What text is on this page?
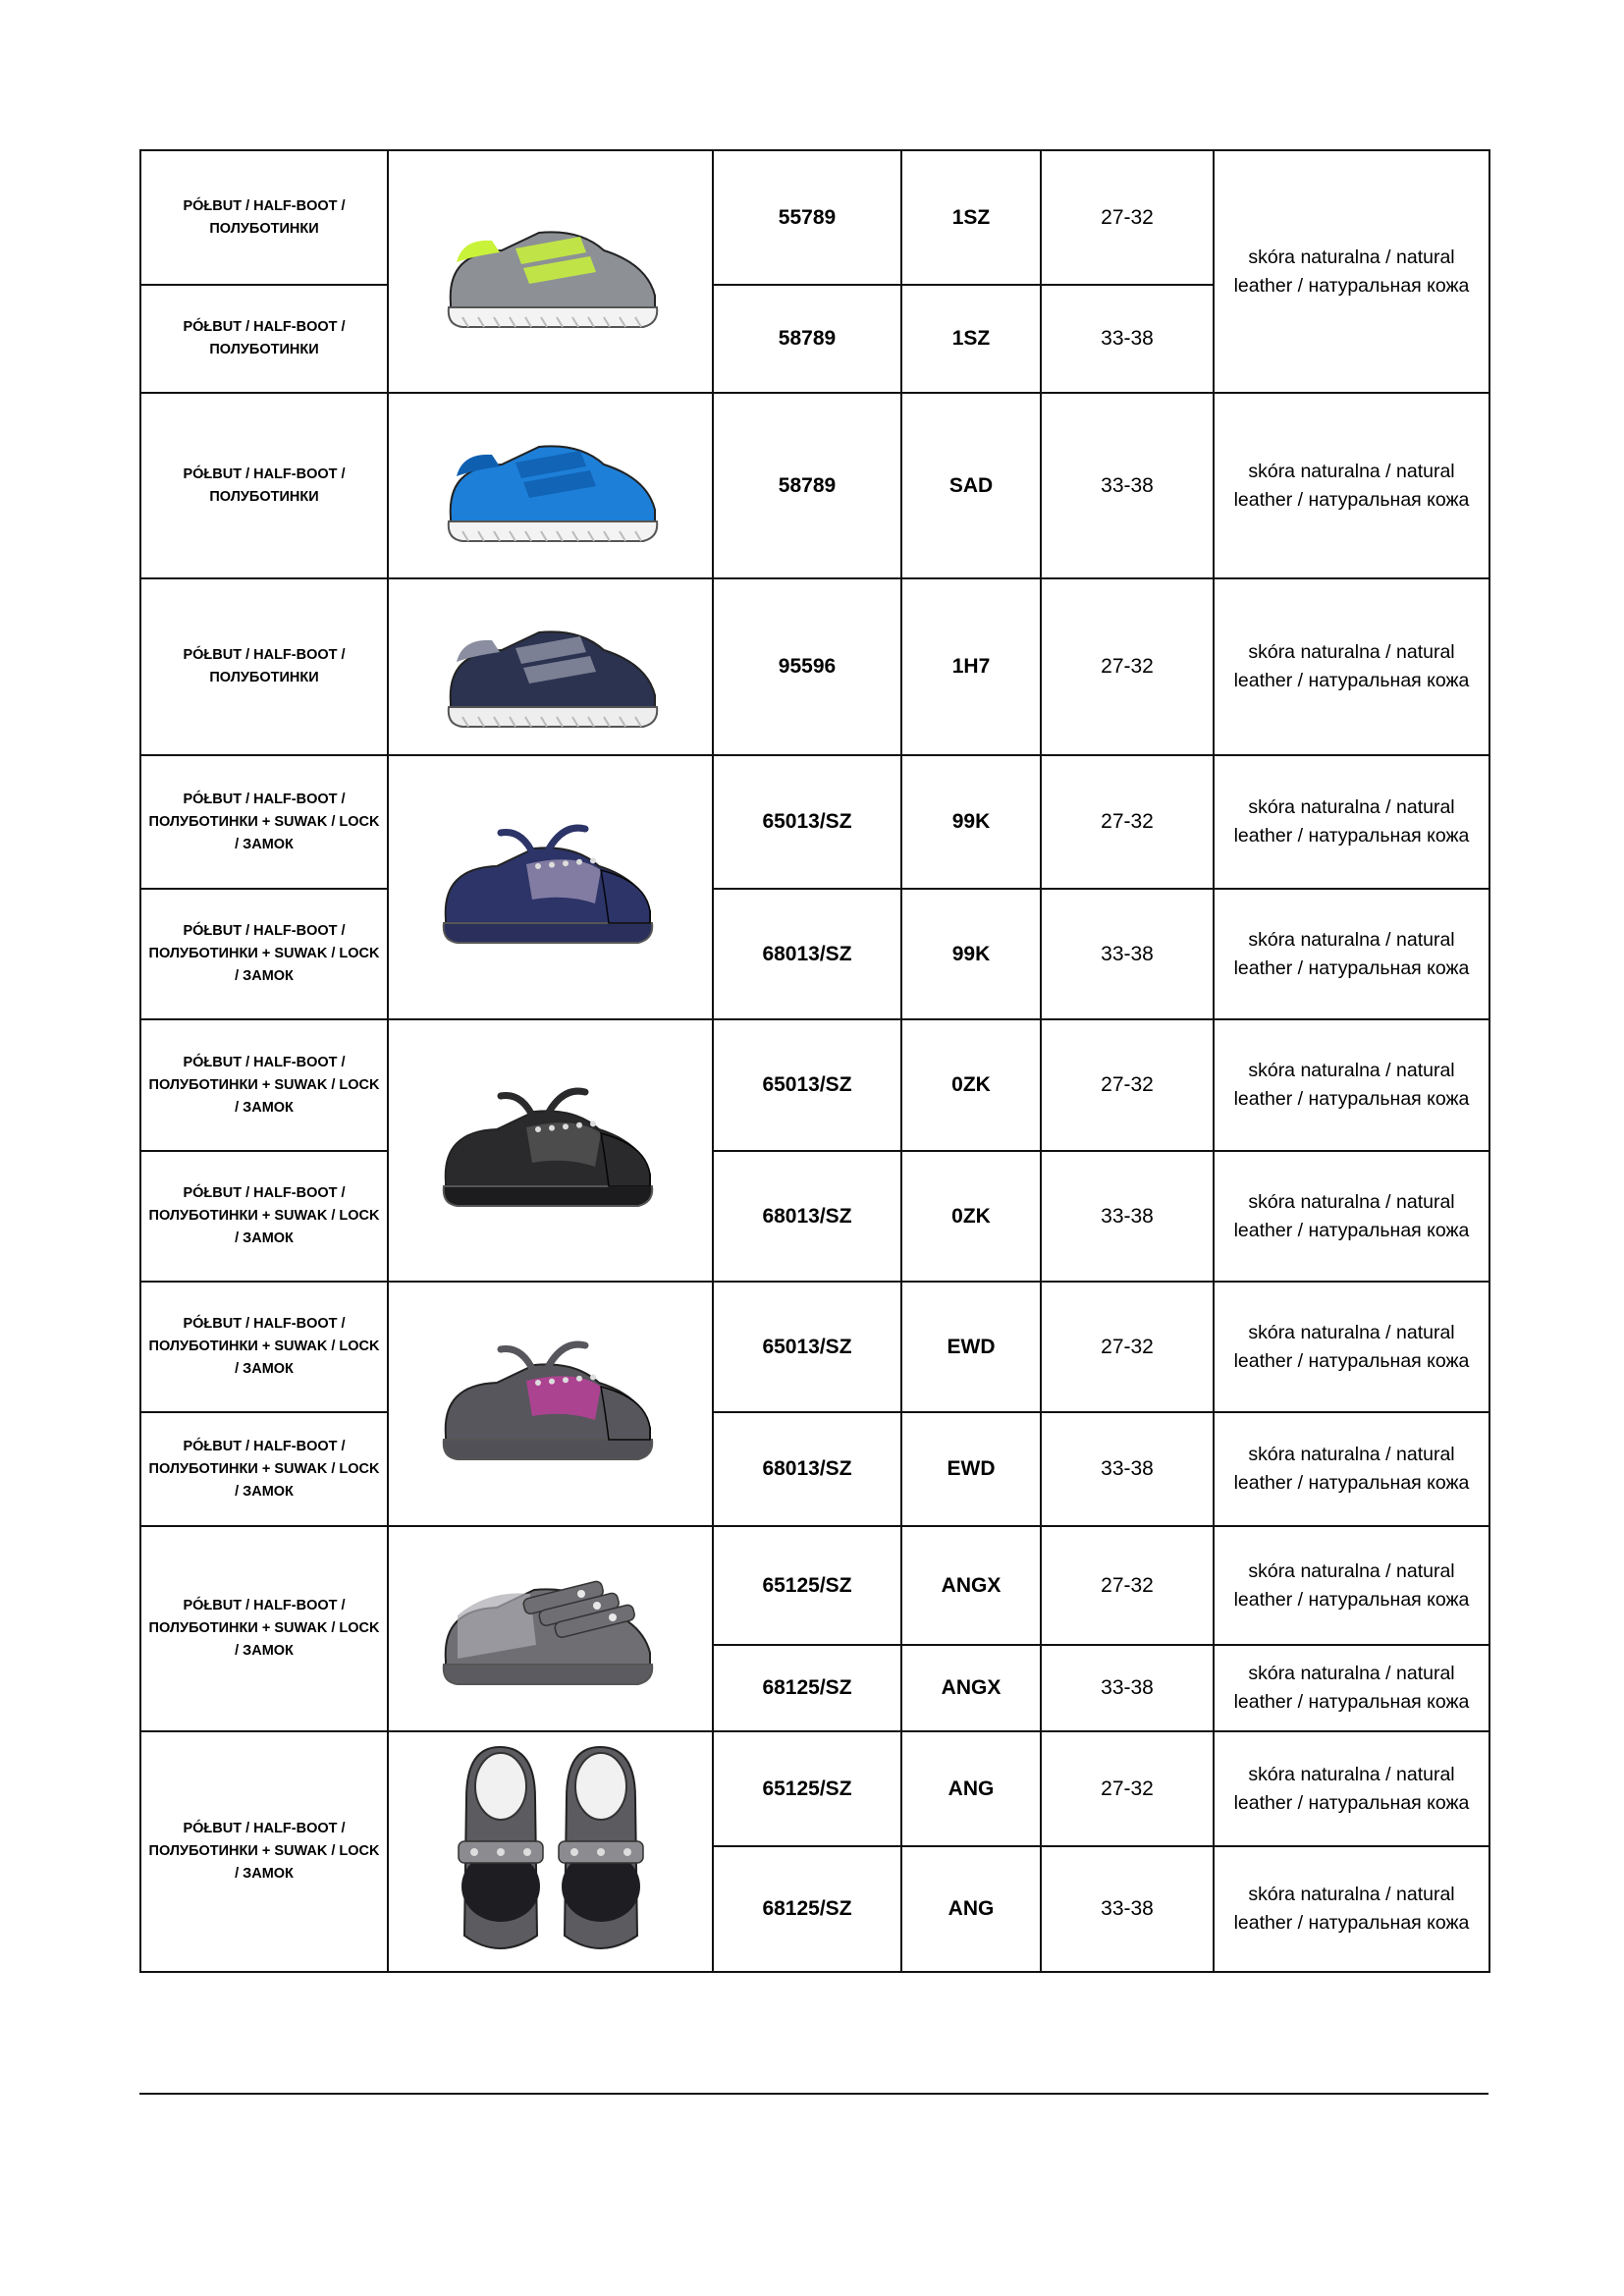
PÓŁBUT / HALF-BOOT / ПОЛУБОТИНКИ		55789	1SZ	27-32	skóra naturalna / natural leather / натуральная кожа
PÓŁBUT / HALF-BOOT / ПОЛУБОТИНКИ		58789	1SZ	33-38	
PÓŁBUT / HALF-BOOT / ПОЛУБОТИНКИ		58789	SAD	33-38	skóra naturalna / natural leather / натуральная кожа
PÓŁBUT / HALF-BOOT / ПОЛУБОТИНКИ		95596	1H7	27-32	skóra naturalna / natural leather / натуральная кожа
PÓŁBUT / HALF-BOOT / ПОЛУБОТИНКИ + SUWAK / LOCK / ЗАМОК		65013/SZ	99K	27-32	skóra naturalna / natural leather / натуральная кожа
PÓŁBUT / HALF-BOOT / ПОЛУБОТИНКИ + SUWAK / LOCK / ЗАМОК		68013/SZ	99K	33-38	skóra naturalna / natural leather / натуральная кожа
PÓŁBUT / HALF-BOOT / ПОЛУБОТИНКИ + SUWAK / LOCK / ЗАМОК		65013/SZ	0ZK	27-32	skóra naturalna / natural leather / натуральная кожа
PÓŁBUT / HALF-BOOT / ПОЛУБОТИНКИ + SUWAK / LOCK / ЗАМОК		68013/SZ	0ZK	33-38	skóra naturalna / natural leather / натуральная кожа
PÓŁBUT / HALF-BOOT / ПОЛУБОТИНКИ + SUWAK / LOCK / ЗАМОК		65013/SZ	EWD	27-32	skóra naturalna / natural leather / натуральная кожа
PÓŁBUT / HALF-BOOT / ПОЛУБОТИНКИ + SUWAK / LOCK / ЗАМОК		68013/SZ	EWD	33-38	skóra naturalna / natural leather / натуральная кожа
PÓŁBUT / HALF-BOOT / ПОЛУБОТИНКИ + SUWAK / LOCK / ЗАМОК		65125/SZ	ANGX	27-32	skóra naturalna / natural leather / натуральная кожа
		68125/SZ	ANGX	33-38	skóra naturalna / natural leather / натуральная кожа
PÓŁBUT / HALF-BOOT / ПОЛУБОТИНКИ + SUWAK / LOCK / ЗАМОК		65125/SZ	ANG	27-32	skóra naturalna / natural leather / натуральная кожа
		68125/SZ	ANG	33-38	skóra naturalna / natural leather / натуральная кожа
